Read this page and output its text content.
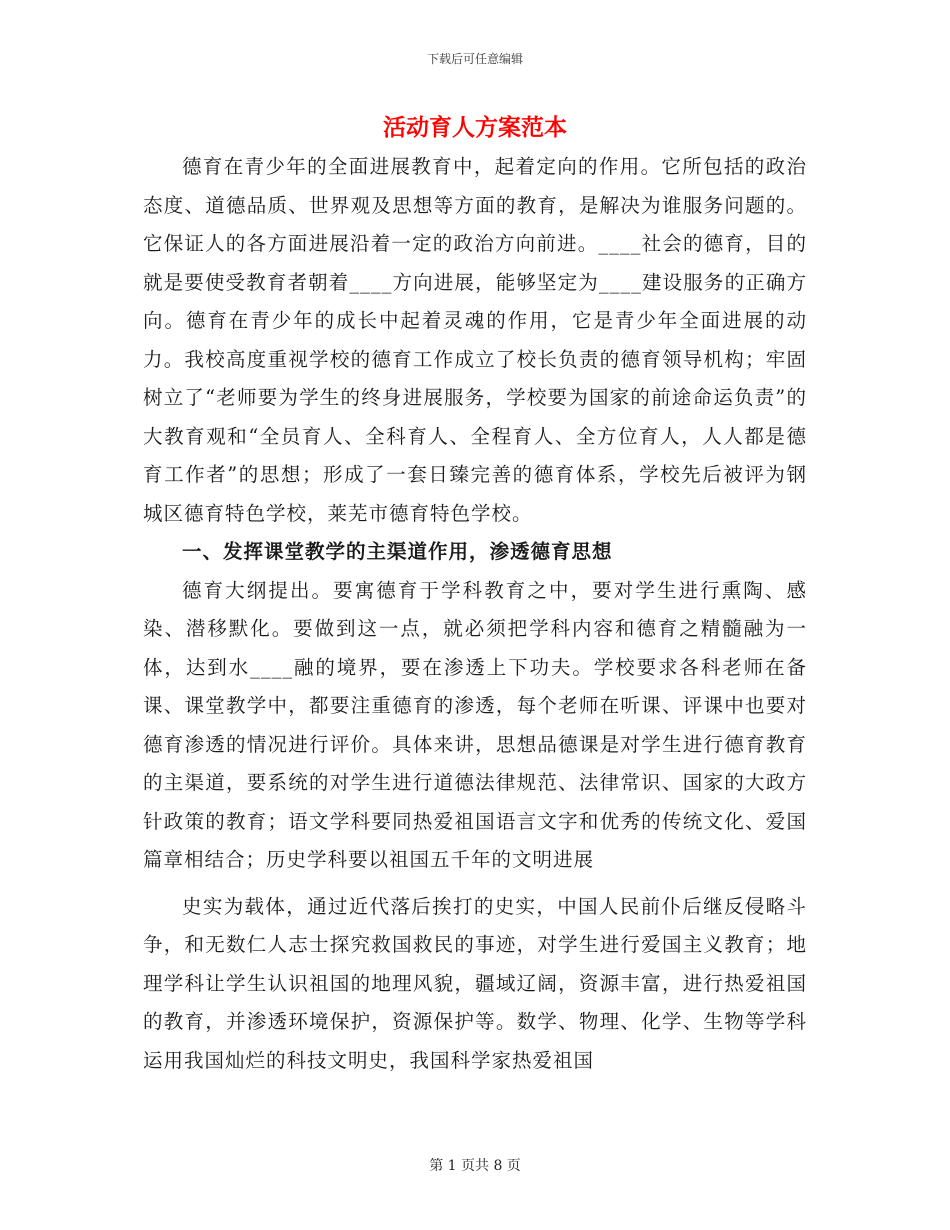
下载后可任意编辑
活动育人方案范本

德育在青少年的全面进展教育中，起着定向的作用。它所包括的政治态度、道德品质、世界观及思想等方面的教育，是解决为谁服务问题的。它保证人的各方面进展沿着一定的政治方向前进。____社会的德育，目的就是要使受教育者朝着____方向进展，能够坚定为____建设服务的正确方向。德育在青少年的成长中起着灵魂的作用，它是青少年全面进展的动力。我校高度重视学校的德育工作成立了校长负责的德育领导机构；牢固树立了“老师要为学生的终身进展服务，学校要为国家的前途命运负责”的大教育观和“全员育人、全科育人、全程育人、全方位育人，人人都是德育工作者”的思想；形成了一套日臻完善的德育体系，学校先后被评为钢城区德育特色学校，莱芜市德育特色学校。

一、发挥课堂教学的主渠道作用，渗透德育思想

德育大纲提出。要寓德育于学科教育之中，要对学生进行熏陶、感染、潜移默化。要做到这一点，就必须把学科内容和德育之精髓融为一体，达到水____融的境界，要在渗透上下功夫。学校要求各科老师在备课、课堂教学中，都要注重德育的渗透，每个老师在听课、评课中也要对德育渗透的情况进行评价。具体来讲，思想品德课是对学生进行德育教育的主渠道，要系统的对学生进行道德法律规范、法律常识、国家的大政方针政策的教育；语文学科要同热爱祖国语言文字和优秀的传统文化、爱国篇章相结合；历史学科要以祖国五千年的文明进展

史实为载体，通过近代落后挨打的史实，中国人民前仆后继反侵略斗争，和无数仁人志士探究救国救民的事迹，对学生进行爱国主义教育；地理学科让学生认识祖国的地理风貌，疆域辽阔，资源丰富，进行热爱祖国的教育，并渗透环境保护，资源保护等。数学、物理、化学、生物等学科运用我国灿烂的科技文明史，我国科学家热爱祖国

第 1 页共 8 页
